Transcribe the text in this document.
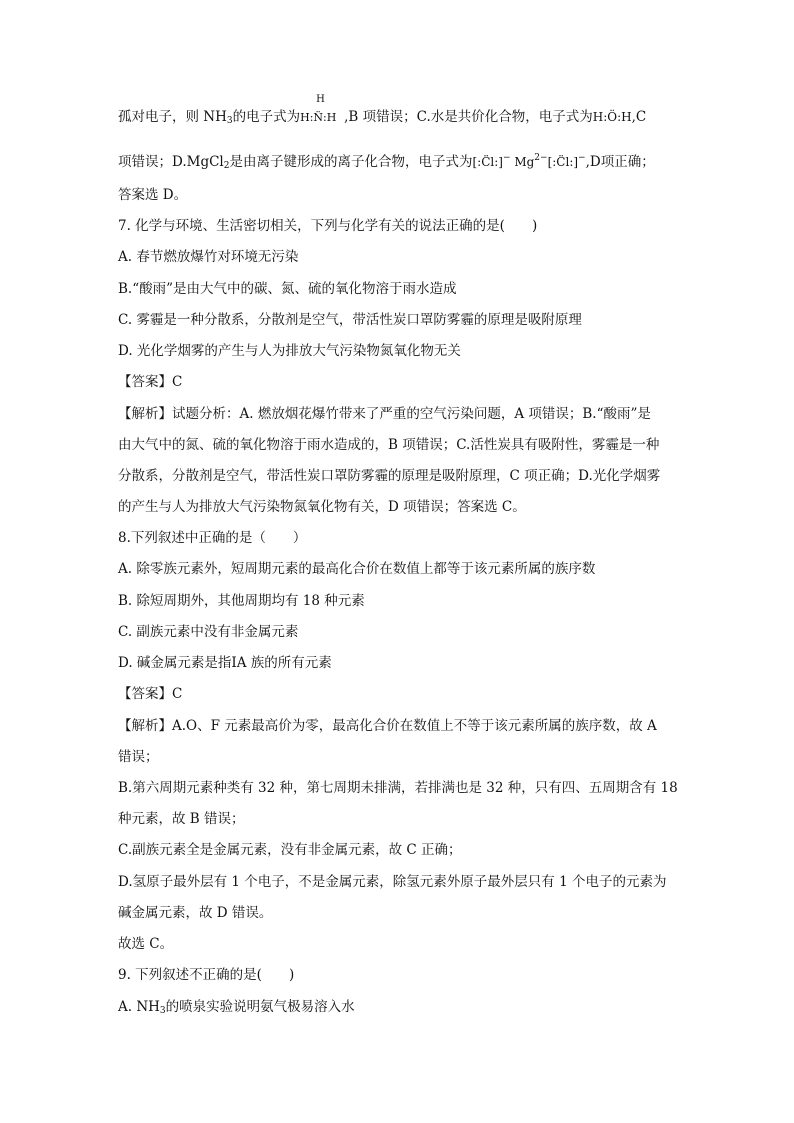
孤对电子，则 $NH_3$的电子式为
H
H:N̈:H ,B 项错误；C.水是共价化合物，电子式为H:Ö:H,C
项错误；D.MgCl$_2$是由离子键形成的离子化合物，电子式为[:C̈l:]− $Mg^{2-}[:C̈l:]^-,D$项正确；
答案选 D。
7. 化学与环境、生活密切相关，下列与化学有关的说法正确的是(　　)
A. 春节燃放爆竹对环境无污染
B.“酸雨”是由大气中的碳、氮、硫的氧化物溶于雨水造成
C. 雾霾是一种分散系，分散剂是空气，带活性炭口罩防雾霾的原理是吸附原理
D. 光化学烟雾的产生与人为排放大气污染物氮氧化物无关
【答案】C
【解析】试题分析：A. 燃放烟花爆竹带来了严重的空气污染问题，A 项错误；B.“酸雨”是
由大气中的氮、硫的氧化物溶于雨水造成的，B 项错误；C.活性炭具有吸附性，雾霾是一种
分散系，分散剂是空气，带活性炭口罩防雾霾的原理是吸附原理，C 项正确；D.光化学烟雾
的产生与人为排放大气污染物氮氧化物有关，D 项错误；答案选 C。
8.下列叙述中正确的是（　　）
A. 除零族元素外，短周期元素的最高化合价在数值上都等于该元素所属的族序数
B. 除短周期外，其他周期均有 18 种元素
C. 副族元素中没有非金属元素
D. 碱金属元素是指ⅠA 族的所有元素
【答案】C
【解析】A.O、F 元素最高价为零，最高化合价在数值上不等于该元素所属的族序数，故 A
错误；
B.第六周期元素种类有 32 种，第七周期未排满，若排满也是 32 种，只有四、五周期含有 18
种元素，故 B 错误；
C.副族元素全是金属元素，没有非金属元素，故 C 正确；
D.氢原子最外层有 1 个电子，不是金属元素，除氢元素外原子最外层只有 1 个电子的元素为
碱金属元素，故 D 错误。
故选 C。
9. 下列叙述不正确的是(　　)
A. $NH_3$的喷泉实验说明氨气极易溶入水
